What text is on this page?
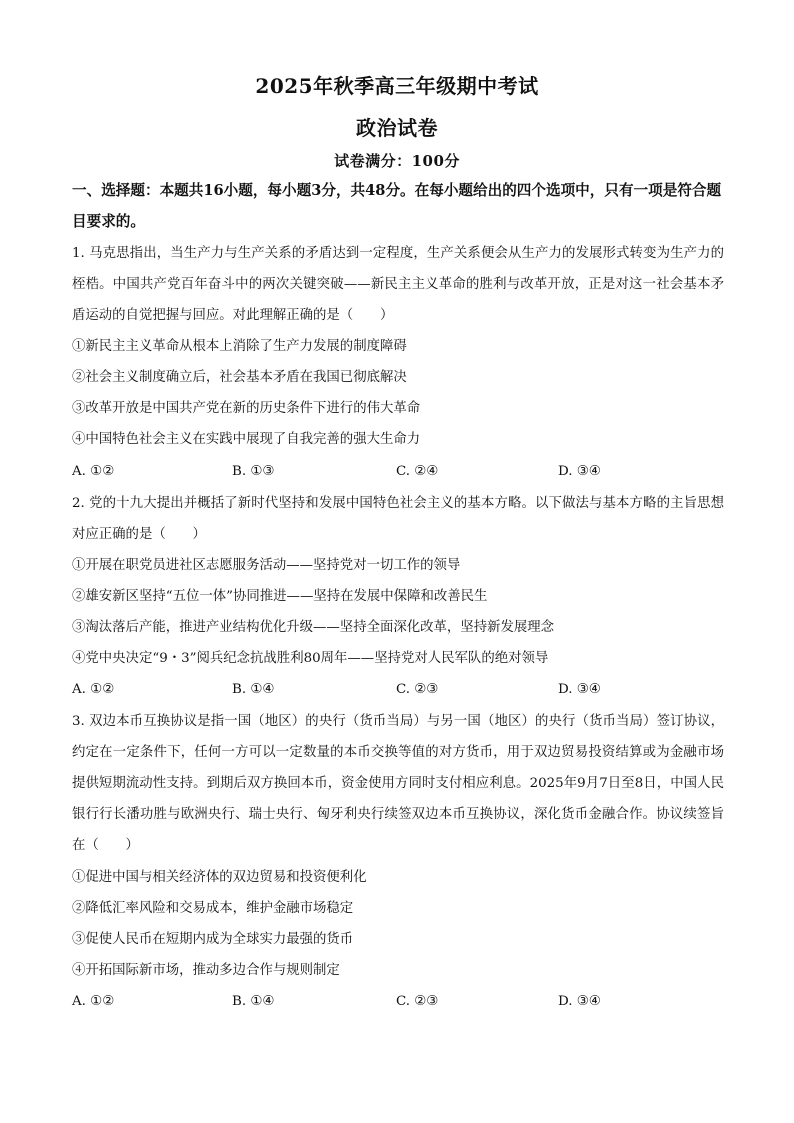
2025年秋季高三年级期中考试
政治试卷
试卷满分：100分
一、选择题：本题共16小题，每小题3分，共48分。在每小题给出的四个选项中，只有一项是符合题目要求的。
1. 马克思指出，当生产力与生产关系的矛盾达到一定程度，生产关系便会从生产力的发展形式转变为生产力的桎梏。中国共产党百年奋斗中的两次关键突破——新民主主义革命的胜利与改革开放，正是对这一社会基本矛盾运动的自觉把握与回应。对此理解正确的是（　　）
①新民主主义革命从根本上消除了生产力发展的制度障碍
②社会主义制度确立后，社会基本矛盾在我国已彻底解决
③改革开放是中国共产党在新的历史条件下进行的伟大革命
④中国特色社会主义在实践中展现了自我完善的强大生命力
A. ①②	B. ①③	C. ②④	D. ③④
2. 党的十九大提出并概括了新时代坚持和发展中国特色社会主义的基本方略。以下做法与基本方略的主旨思想对应正确的是（　　）
①开展在职党员进社区志愿服务活动——坚持党对一切工作的领导
②雄安新区坚持“五位一体”协同推进——坚持在发展中保障和改善民生
③淘汰落后产能，推进产业结构优化升级——坚持全面深化改革，坚持新发展理念
④党中央决定“9・3”阅兵纪念抗战胜利80周年——坚持党对人民军队的绝对领导
A. ①②	B. ①④	C. ②③	D. ③④
3. 双边本币互换协议是指一国（地区）的央行（货币当局）与另一国（地区）的央行（货币当局）签订协议，约定在一定条件下，任何一方可以一定数量的本币交换等值的对方货币，用于双边贸易投资结算或为金融市场提供短期流动性支持。到期后双方换回本币，资金使用方同时支付相应利息。2025年9月7日至8日，中国人民银行行长潘功胜与欧洲央行、瑞士央行、匈牙利央行续签双边本币互换协议，深化货币金融合作。协议续签旨在（　　）
①促进中国与相关经济体的双边贸易和投资便利化
②降低汇率风险和交易成本，维护金融市场稳定
③促使人民币在短期内成为全球实力最强的货币
④开拓国际新市场，推动多边合作与规则制定
A. ①②	B. ①④	C. ②③	D. ③④
